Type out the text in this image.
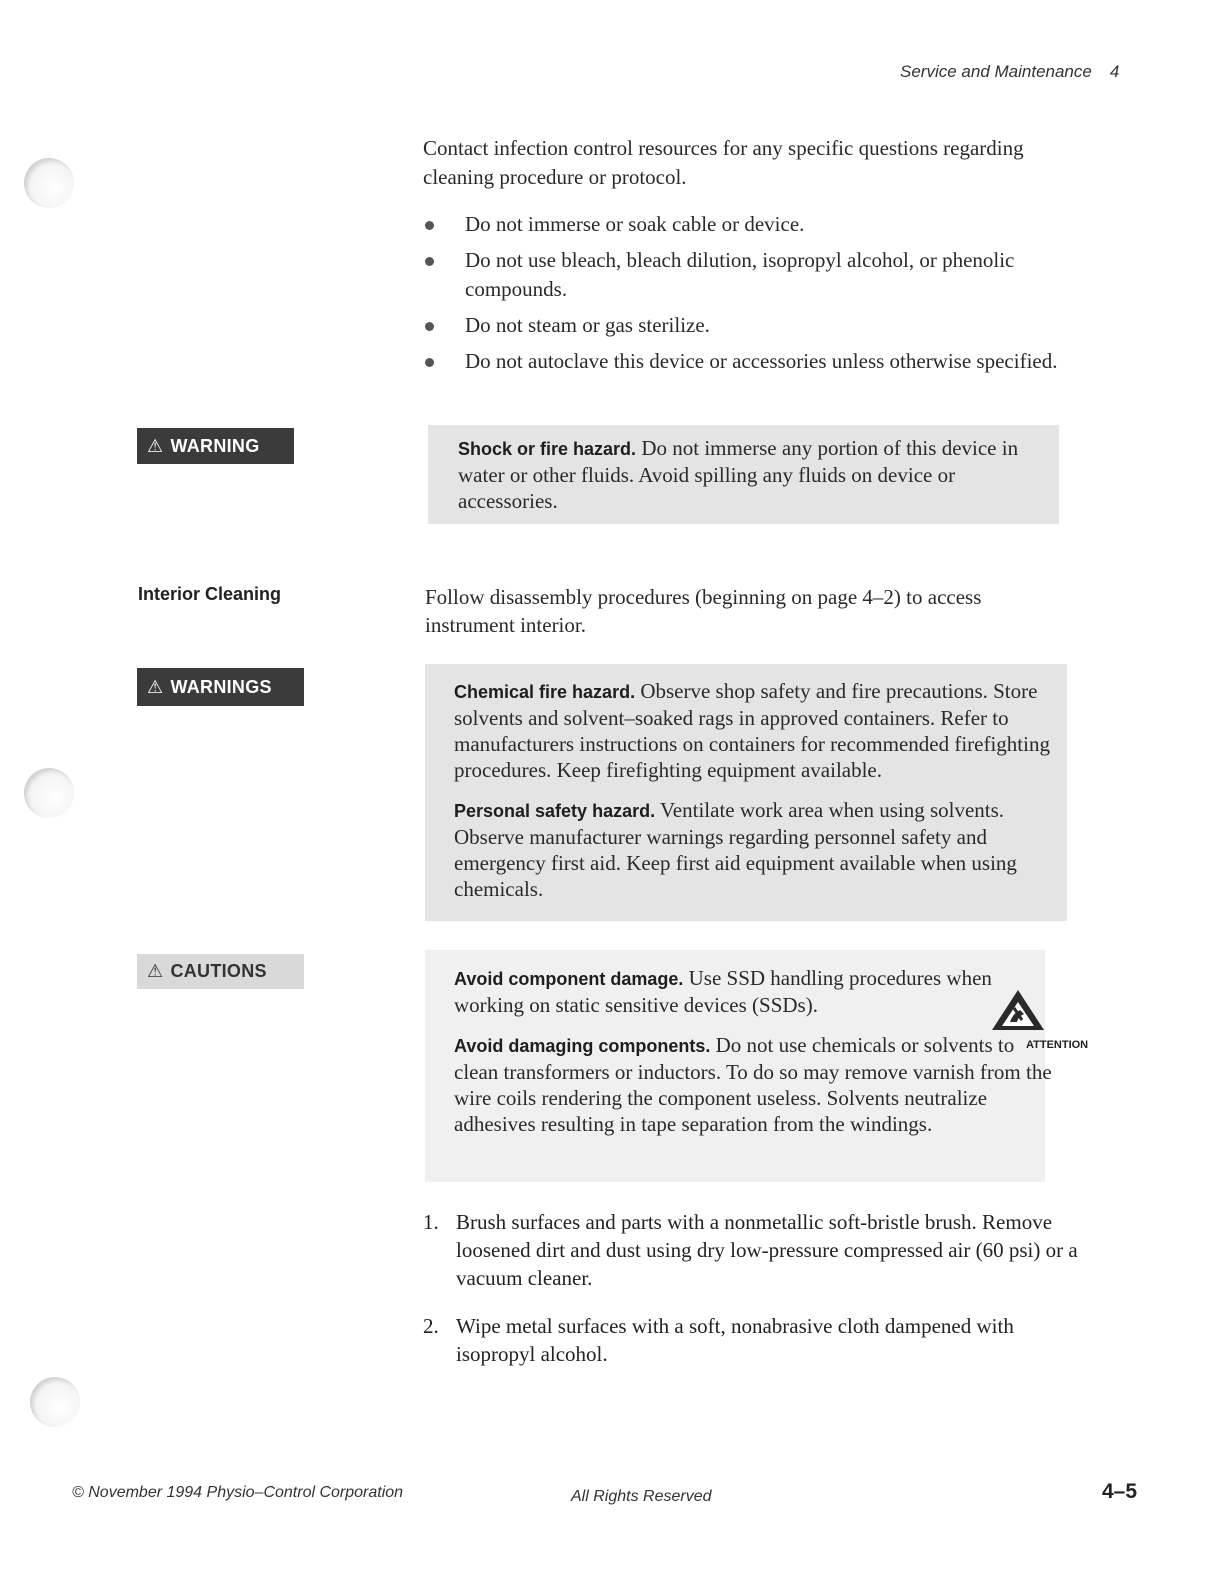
Service and Maintenance 4
Contact infection control resources for any specific questions regarding cleaning procedure or protocol.
Do not immerse or soak cable or device.
Do not use bleach, bleach dilution, isopropyl alcohol, or phenolic compounds.
Do not steam or gas sterilize.
Do not autoclave this device or accessories unless otherwise specified.
⚠ WARNING	Shock or fire hazard. Do not immerse any portion of this device in water or other fluids. Avoid spilling any fluids on device or accessories.
Interior Cleaning	Follow disassembly procedures (beginning on page 4–2) to access instrument interior.
⚠ WARNINGS	Chemical fire hazard. Observe shop safety and fire precautions. Store solvents and solvent–soaked rags in approved containers. Refer to manufacturers instructions on containers for recommended firefighting procedures. Keep firefighting equipment available.
Personal safety hazard. Ventilate work area when using solvents. Observe manufacturer warnings regarding personnel safety and emergency first aid. Keep first aid equipment available when using chemicals.
⚠ CAUTIONS	Avoid component damage. Use SSD handling procedures when working on static sensitive devices (SSDs).
Avoid damaging components. Do not use chemicals or solvents to clean transformers or inductors. To do so may remove varnish from the wire coils rendering the component useless. Solvents neutralize adhesives resulting in tape separation from the windings.
ATTENTION
1. Brush surfaces and parts with a nonmetallic soft-bristle brush. Remove loosened dirt and dust using dry low-pressure compressed air (60 psi) or a vacuum cleaner.
2. Wipe metal surfaces with a soft, nonabrasive cloth dampened with isopropyl alcohol.
© November 1994 Physio–Control Corporation	All Rights Reserved	4–5
